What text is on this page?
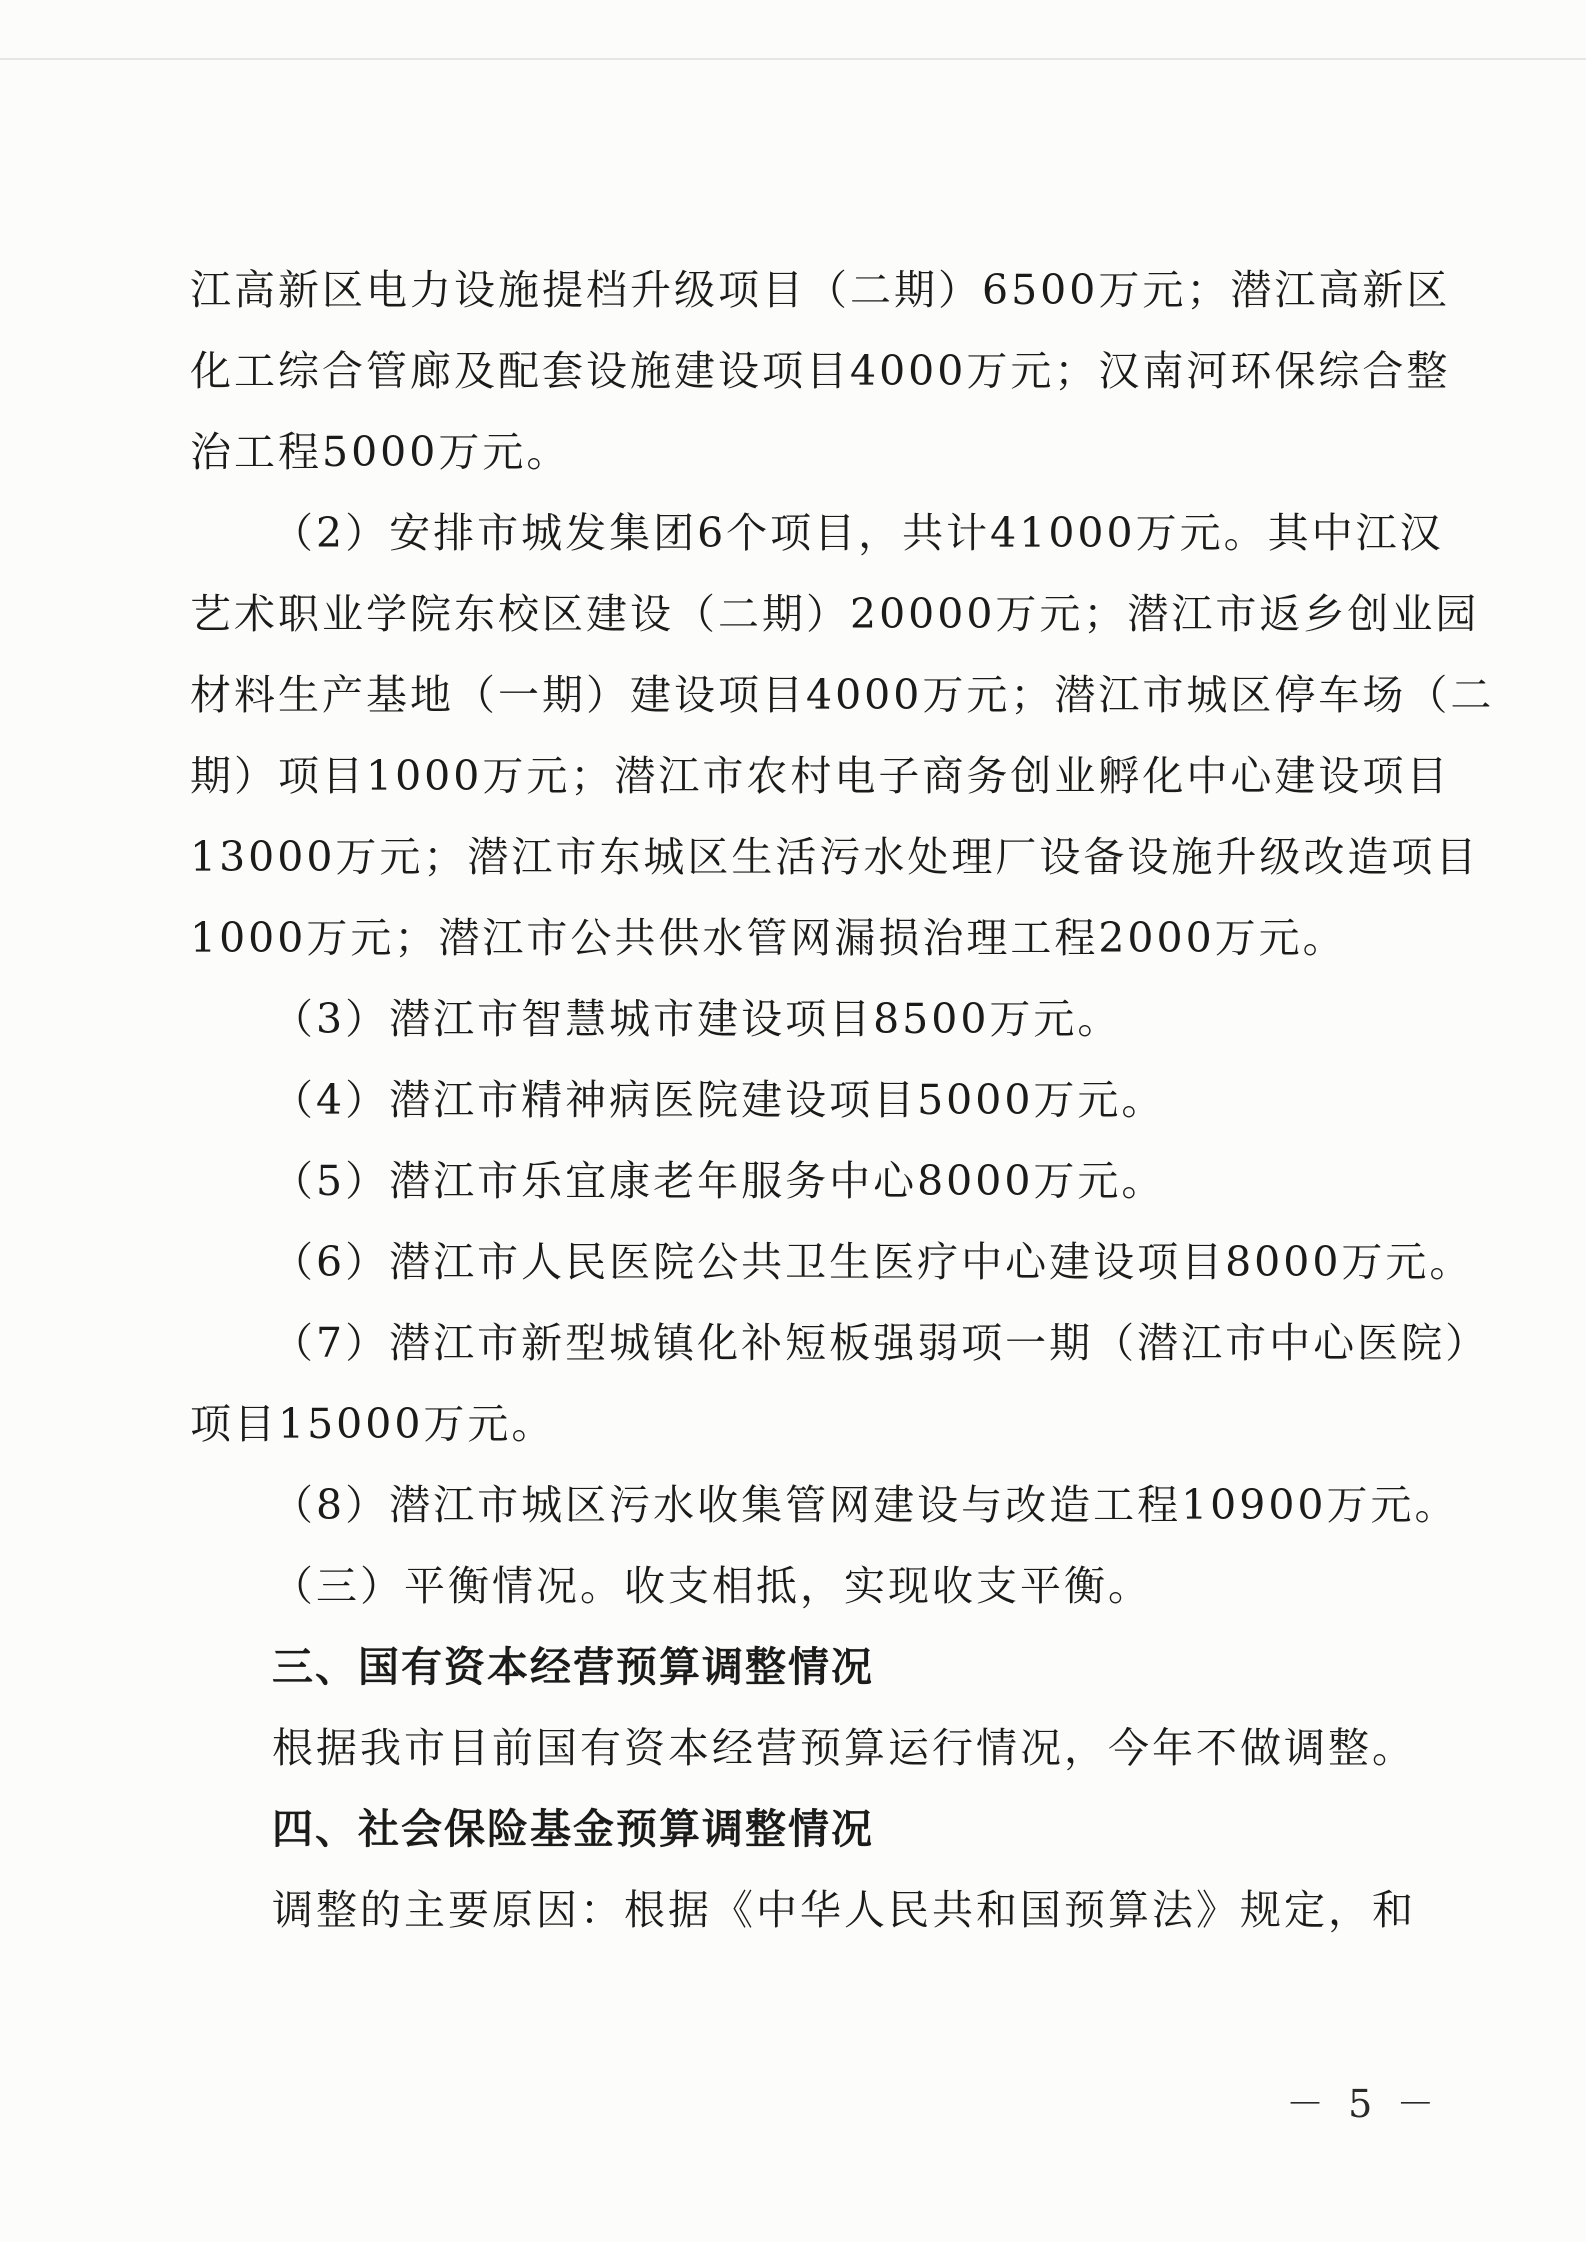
江高新区电力设施提档升级项目（二期）6500万元；潜江高新区

化工综合管廊及配套设施建设项目4000万元；汉南河环保综合整

治工程5000万元。

（2）安排市城发集团6个项目，共计41000万元。其中江汉

艺术职业学院东校区建设（二期）20000万元；潜江市返乡创业园

材料生产基地（一期）建设项目4000万元；潜江市城区停车场（二

期）项目1000万元；潜江市农村电子商务创业孵化中心建设项目

13000万元；潜江市东城区生活污水处理厂设备设施升级改造项目

1000万元；潜江市公共供水管网漏损治理工程2000万元。

（3）潜江市智慧城市建设项目8500万元。

（4）潜江市精神病医院建设项目5000万元。

（5）潜江市乐宜康老年服务中心8000万元。

（6）潜江市人民医院公共卫生医疗中心建设项目8000万元。

（7）潜江市新型城镇化补短板强弱项一期（潜江市中心医院）

项目15000万元。

（8）潜江市城区污水收集管网建设与改造工程10900万元。

（三）平衡情况。收支相抵，实现收支平衡。

三、国有资本经营预算调整情况

根据我市目前国有资本经营预算运行情况，今年不做调整。

四、社会保险基金预算调整情况

调整的主要原因：根据《中华人民共和国预算法》规定，和

－ 5 －
